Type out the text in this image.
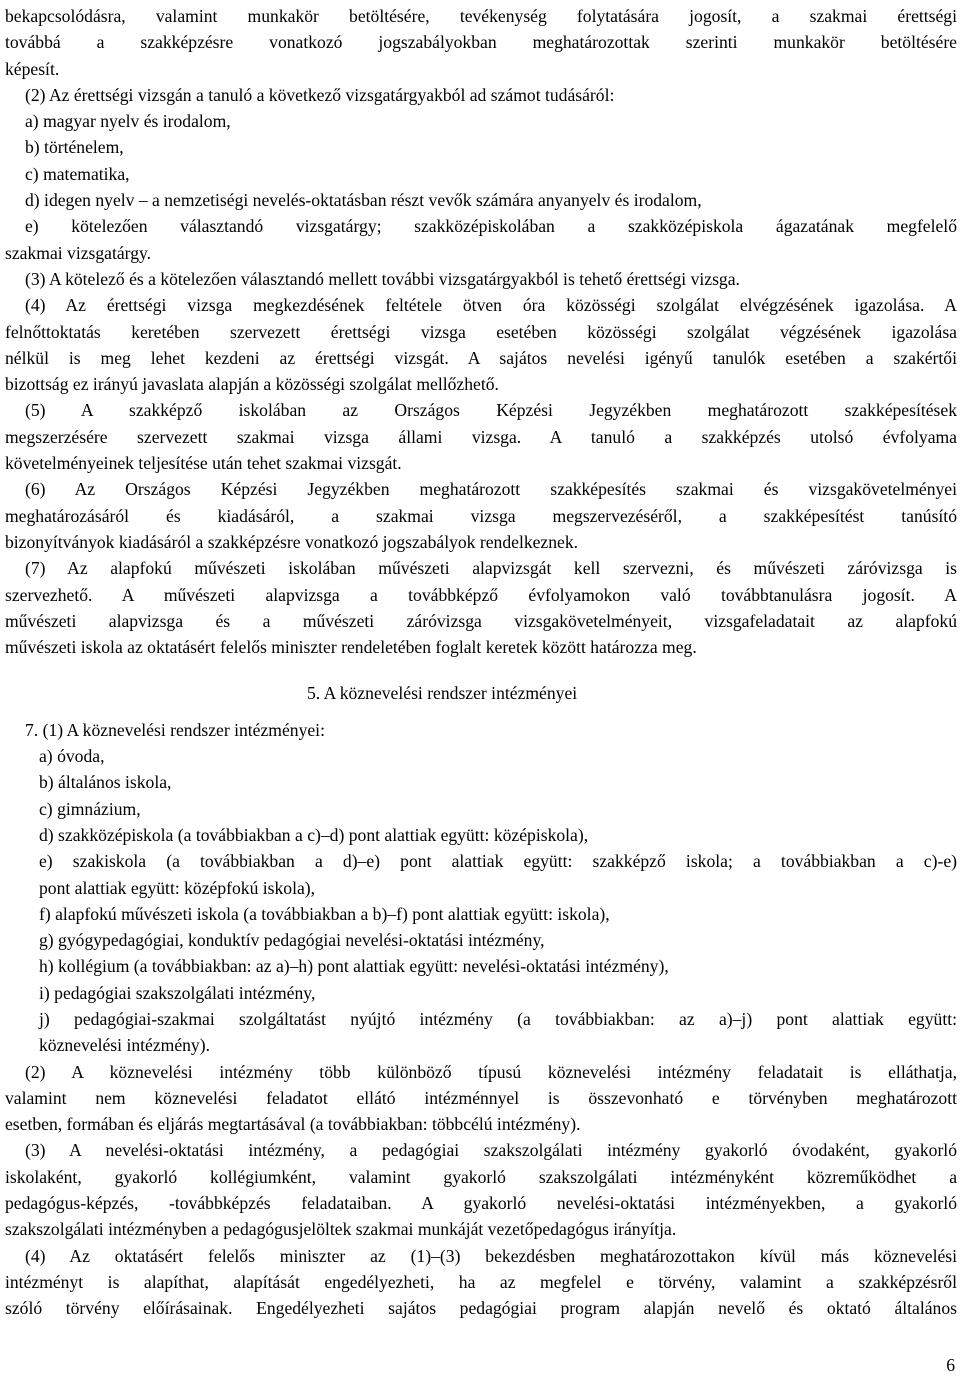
bekapcsolódásra, valamint munkakör betöltésére, tevékenység folytatására jogosít, a szakmai érettségi
továbbá a szakképzésre vonatkozó jogszabályokban meghatározottak szerinti munkakör betöltésére
képesít.
(2) Az érettségi vizsgán a tanuló a következő vizsgatárgyakból ad számot tudásáról:
a) magyar nyelv és irodalom,
b) történelem,
c) matematika,
d) idegen nyelv – a nemzetiségi nevelés-oktatásban részt vevők számára anyanyelv és irodalom,
e) kötelezően választandó vizsgatárgy; szakközépiskolában a szakközépiskola ágazatának megfelelő
szakmai vizsgatárgy.
(3) A kötelező és a kötelezően választandó mellett további vizsgatárgyakból is tehető érettségi vizsga.
(4) Az érettségi vizsga megkezdésének feltétele ötven óra közösségi szolgálat elvégzésének igazolása. A
felnőttoktatás keretében szervezett érettségi vizsga esetében közösségi szolgálat végzésének igazolása
nélkül is meg lehet kezdeni az érettségi vizsgát. A sajátos nevelési igényű tanulók esetében a szakértői
bizottság ez irányú javaslata alapján a közösségi szolgálat mellőzhető.
(5) A szakképző iskolában az Országos Képzési Jegyzékben meghatározott szakképesítések
megszerzésére szervezett szakmai vizsga állami vizsga. A tanuló a szakképzés utolsó évfolyama
követelményeinek teljesítése után tehet szakmai vizsgát.
(6) Az Országos Képzési Jegyzékben meghatározott szakképesítés szakmai és vizsgakövetelményei
meghatározásáról és kiadásáról, a szakmai vizsga megszervezéséről, a szakképesítést tanúsító
bizonyítványok kiadásáról a szakképzésre vonatkozó jogszabályok rendelkeznek.
(7) Az alapfokú művészeti iskolában művészeti alapvizsgát kell szervezni, és művészeti záróvizsga is
szervezhető. A művészeti alapvizsga a továbbképző évfolyamokon való továbbtanulásra jogosít. A
művészeti alapvizsga és a művészeti záróvizsga vizsgakövetelményeit, vizsgafeladatait az alapfokú
művészeti iskola az oktatásért felelős miniszter rendeletében foglalt keretek között határozza meg.
5. A köznevelési rendszer intézményei
7. (1) A köznevelési rendszer intézményei:
a) óvoda,
b) általános iskola,
c) gimnázium,
d) szakközépiskola (a továbbiakban a c)–d) pont alattiak együtt: középiskola),
e) szakiskola (a továbbiakban a d)–e) pont alattiak együtt: szakképző iskola; a továbbiakban a c)-e)
pont alattiak együtt: középfokú iskola),
f) alapfokú művészeti iskola (a továbbiakban a b)–f) pont alattiak együtt: iskola),
g) gyógypedagógiai, konduktív pedagógiai nevelési-oktatási intézmény,
h) kollégium (a továbbiakban: az a)–h) pont alattiak együtt: nevelési-oktatási intézmény),
i) pedagógiai szakszolgálati intézmény,
j) pedagógiai-szakmai szolgáltatást nyújtó intézmény (a továbbiakban: az a)–j) pont alattiak együtt:
köznevelési intézmény).
(2) A köznevelési intézmény több különböző típusú köznevelési intézmény feladatait is elláthatja,
valamint nem köznevelési feladatot ellátó intézménnyel is összevonható e törvényben meghatározott
esetben, formában és eljárás megtartásával (a továbbiakban: többcélú intézmény).
(3) A nevelési-oktatási intézmény, a pedagógiai szakszolgálati intézmény gyakorló óvodaként, gyakorló
iskolaként, gyakorló kollégiumként, valamint gyakorló szakszolgálati intézményként közreműködhet a
pedagógus-képzés, -továbbképzés feladataiban. A gyakorló nevelési-oktatási intézményekben, a gyakorló
szakszolgálati intézményben a pedagógusjelöltek szakmai munkáját vezetőpedagógus irányítja.
(4) Az oktatásért felelős miniszter az (1)–(3) bekezdésben meghatározottakon kívül más köznevelési
intézményt is alapíthat, alapítását engedélyezheti, ha az megfelel e törvény, valamint a szakképzésről
szóló törvény előírásainak. Engedélyezheti sajátos pedagógiai program alapján nevelő és oktató általános
6
